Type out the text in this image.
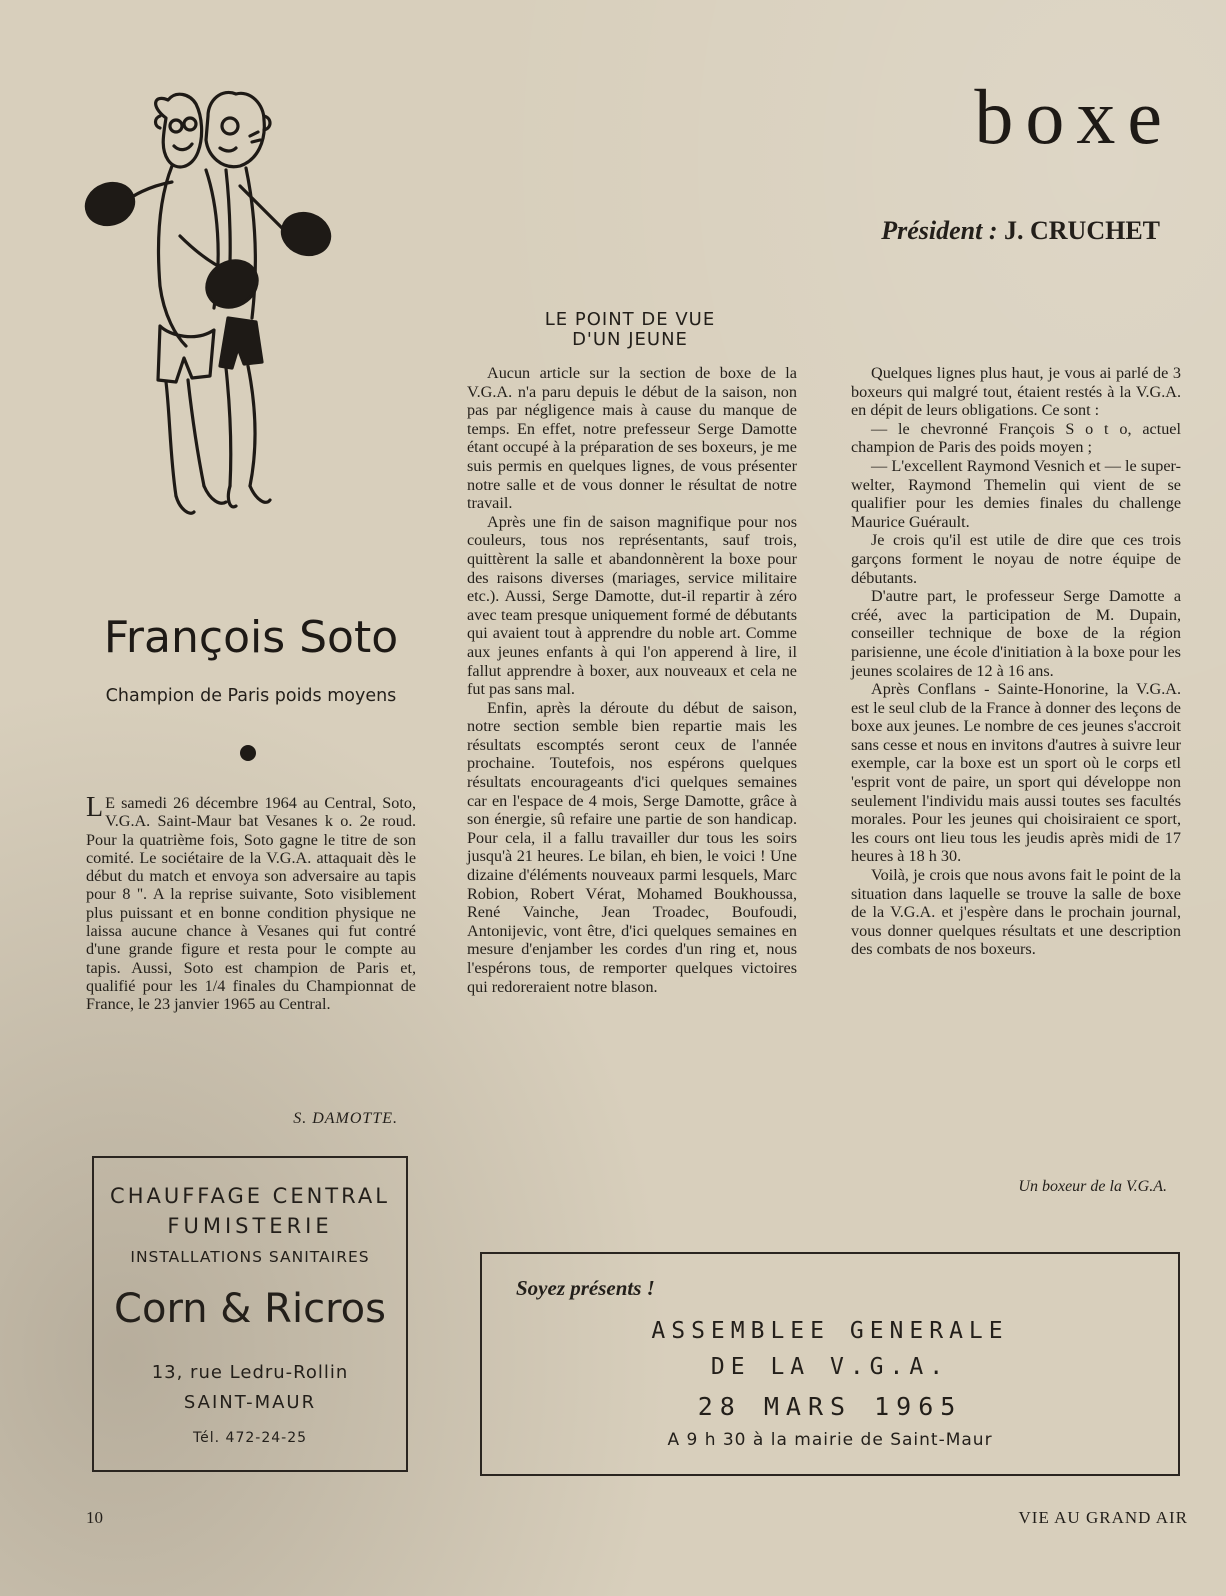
boxe
Président : J. CRUCHET
François Soto
Champion de Paris poids moyens
L E samedi 26 décembre 1964 au Central, Soto, V.G.A. Saint-Maur bat Vesanes k o. 2e roud. Pour la quatrième fois, Soto gagne le titre de son comité. Le sociétaire de la V.G.A. attaquait dès le début du match et envoya son adversaire au tapis pour 8 ''. A la reprise suivante, Soto visiblement plus puissant et en bonne condition physique ne laissa aucune chance à Vesanes qui fut contré d'une grande figure et resta pour le compte au tapis. Aussi, Soto est champion de Paris et, qualifié pour les 1/4 finales du Championnat de France, le 23 janvier 1965 au Central.
S. DAMOTTE.
LE POINT DE VUE
D'UN JEUNE

Aucun article sur la section de boxe de la V.G.A. n'a paru depuis le début de la saison, non pas par négligence mais à cause du manque de temps. En effet, notre prefesseur Serge Damotte étant occupé à la préparation de ses boxeurs, je me suis permis en quelques lignes, de vous présenter notre salle et de vous donner le résultat de notre travail.

Après une fin de saison magnifique pour nos couleurs, tous nos représentants, sauf trois, quittèrent la salle et abandonnèrent la boxe pour des raisons diverses (mariages, service militaire etc.). Aussi, Serge Damotte, dut-il repartir à zéro avec team presque uniquement formé de débutants qui avaient tout à apprendre du noble art. Comme aux jeunes enfants à qui l'on apperend à lire, il fallut apprendre à boxer, aux nouveaux et cela ne fut pas sans mal.

Enfin, après la déroute du début de saison, notre section semble bien repartie mais les résultats escomptés seront ceux de l'année prochaine. Toutefois, nos espérons quelques résultats encourageants d'ici quelques semaines car en l'espace de 4 mois, Serge Damotte, grâce à son énergie, sû refaire une partie de son handicap. Pour cela, il a fallu travailler dur tous les soirs jusqu'à 21 heures. Le bilan, eh bien, le voici ! Une dizaine d'éléments nouveaux parmi lesquels, Marc Robion, Robert Vérat, Mohamed Boukhoussa, René Vainche, Jean Troadec, Boufoudi, Antonijevic, vont être, d'ici quelques semaines en mesure d'enjamber les cordes d'un ring et, nous l'espérons tous, de remporter quelques victoires qui redoreraient notre blason.

Quelques lignes plus haut, je vous ai parlé de 3 boxeurs qui malgré tout, étaient restés à la V.G.A. en dépit de leurs obligations. Ce sont :

— le chevronné François S o t o, actuel champion de Paris des poids moyen ;

— L'excellent Raymond Vesnich et — le super-welter, Raymond Themelin qui vient de se qualifier pour les demies finales du challenge Maurice Guérault.

Je crois qu'il est utile de dire que ces trois garçons forment le noyau de notre équipe de débutants.

D'autre part, le professeur Serge Damotte a créé, avec la participation de M. Dupain, conseiller technique de boxe de la région parisienne, une école d'initiation à la boxe pour les jeunes scolaires de 12 à 16 ans.

Après Conflans - Sainte-Honorine, la V.G.A. est le seul club de la France à donner des leçons de boxe aux jeunes. Le nombre de ces jeunes s'accroit sans cesse et nous en invitons d'autres à suivre leur exemple, car la boxe est un sport où le corps etl 'esprit vont de paire, un sport qui développe non seulement l'individu mais aussi toutes ses facultés morales. Pour les jeunes qui choisiraient ce sport, les cours ont lieu tous les jeudis après midi de 17 heures à 18 h 30.

Voilà, je crois que nous avons fait le point de la situation dans laquelle se trouve la salle de boxe de la V.G.A. et j'espère dans le prochain journal, vous donner quelques résultats et une description des combats de nos boxeurs.

Un boxeur de la V.G.A.
CHAUFFAGE CENTRAL
FUMISTERIE
INSTALLATIONS SANITAIRES
Corn & Ricros
13, rue Ledru-Rollin
SAINT-MAUR
Tél. 472-24-25
Soyez présents !
ASSEMBLEE GENERALE
DE LA V.G.A.
28 MARS 1965
A 9 h 30 à la mairie de Saint-Maur
10	VIE AU GRAND AIR
